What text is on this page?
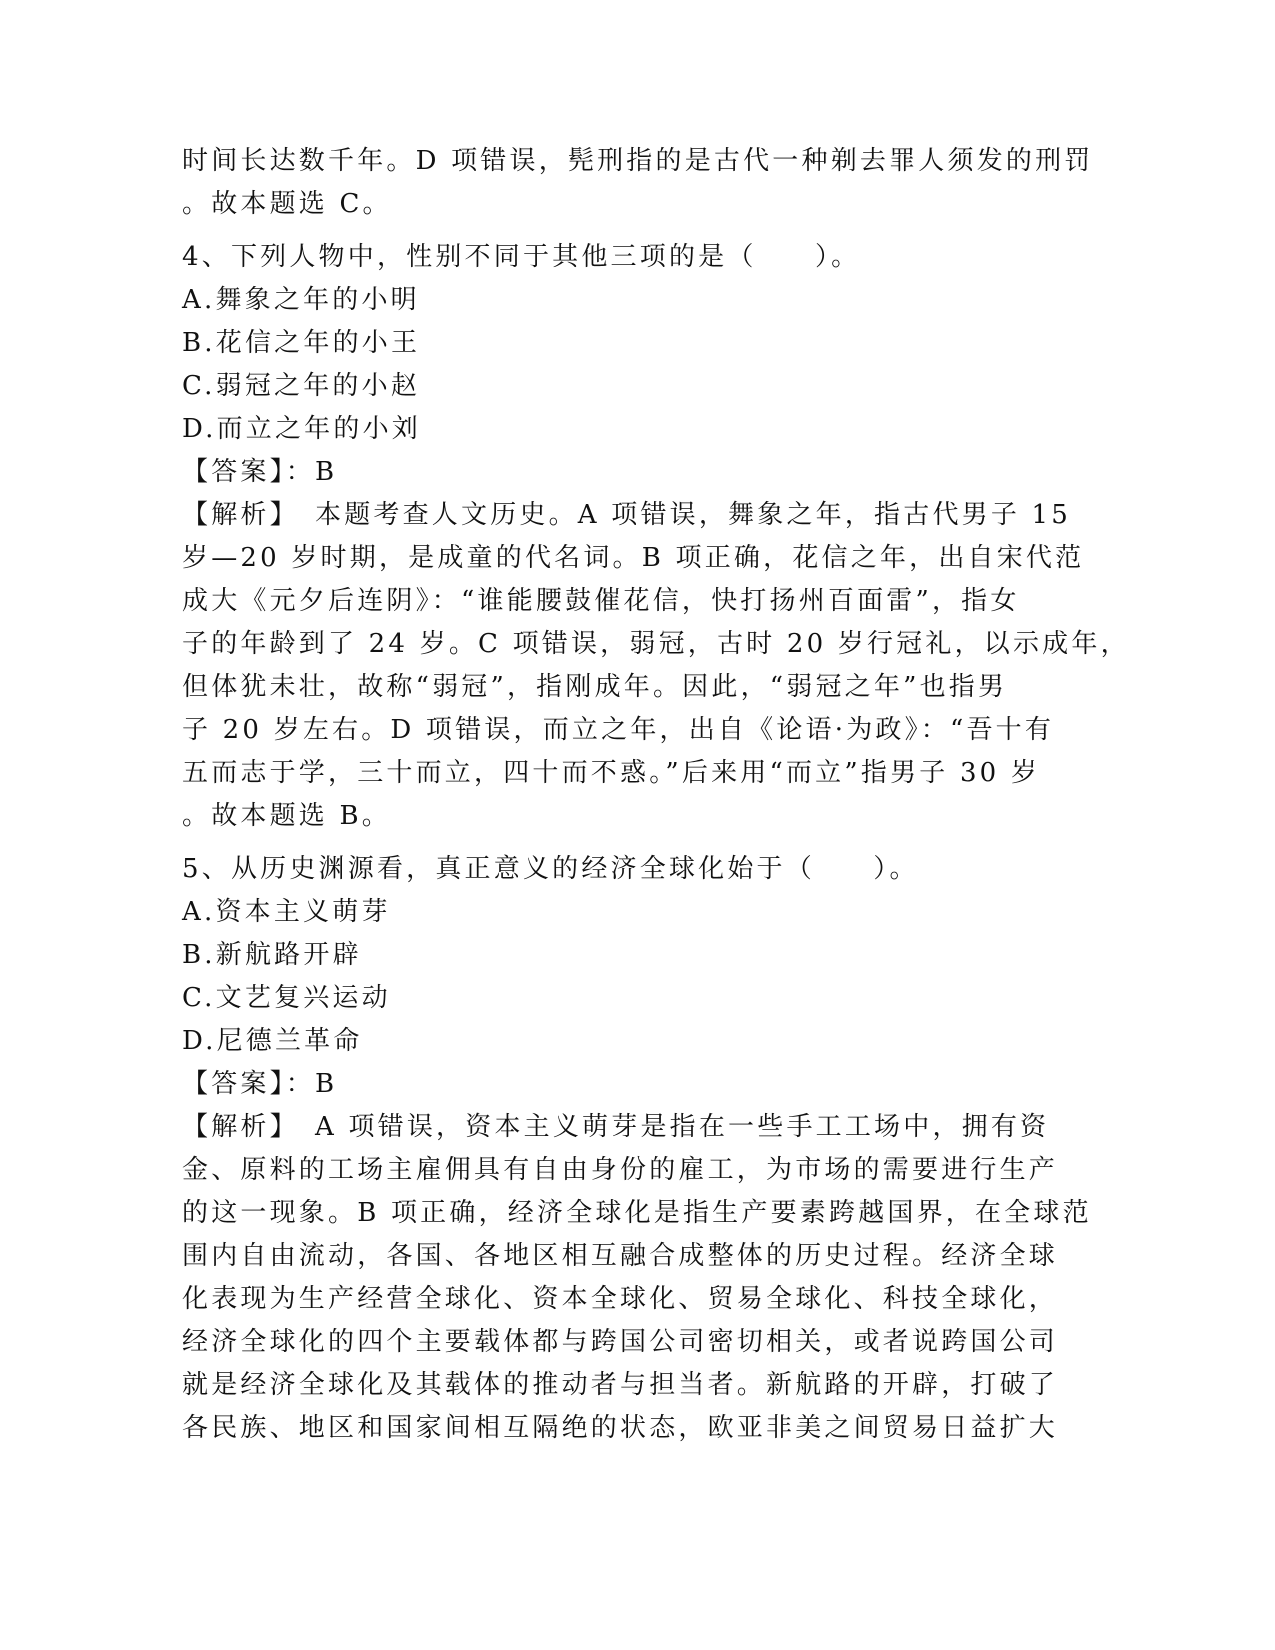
时间长达数千年。D 项错误，髡刑指的是古代一种剃去罪人须发的刑罚
。故本题选 C。
4、下列人物中，性别不同于其他三项的是（　　）。
A.舞象之年的小明
B.花信之年的小王
C.弱冠之年的小赵
D.而立之年的小刘
【答案】：B
【解析】　本题考查人文历史。A 项错误，舞象之年，指古代男子 15
岁—20 岁时期，是成童的代名词。B 项正确，花信之年，出自宋代范
成大《元夕后连阴》：“谁能腰鼓催花信，快打扬州百面雷”，指女
子的年龄到了 24 岁。C 项错误，弱冠，古时 20 岁行冠礼，以示成年，
但体犹未壮，故称“弱冠”，指刚成年。因此，“弱冠之年”也指男
子 20 岁左右。D 项错误，而立之年，出自《论语·为政》：“吾十有
五而志于学，三十而立，四十而不惑。”后来用“而立”指男子 30 岁
。故本题选 B。
5、从历史渊源看，真正意义的经济全球化始于（　　）。
A.资本主义萌芽
B.新航路开辟
C.文艺复兴运动
D.尼德兰革命
【答案】：B
【解析】　A 项错误，资本主义萌芽是指在一些手工工场中，拥有资
金、原料的工场主雇佣具有自由身份的雇工，为市场的需要进行生产
的这一现象。B 项正确，经济全球化是指生产要素跨越国界，在全球范
围内自由流动，各国、各地区相互融合成整体的历史过程。经济全球
化表现为生产经营全球化、资本全球化、贸易全球化、科技全球化，
经济全球化的四个主要载体都与跨国公司密切相关，或者说跨国公司
就是经济全球化及其载体的推动者与担当者。新航路的开辟，打破了
各民族、地区和国家间相互隔绝的状态，欧亚非美之间贸易日益扩大
